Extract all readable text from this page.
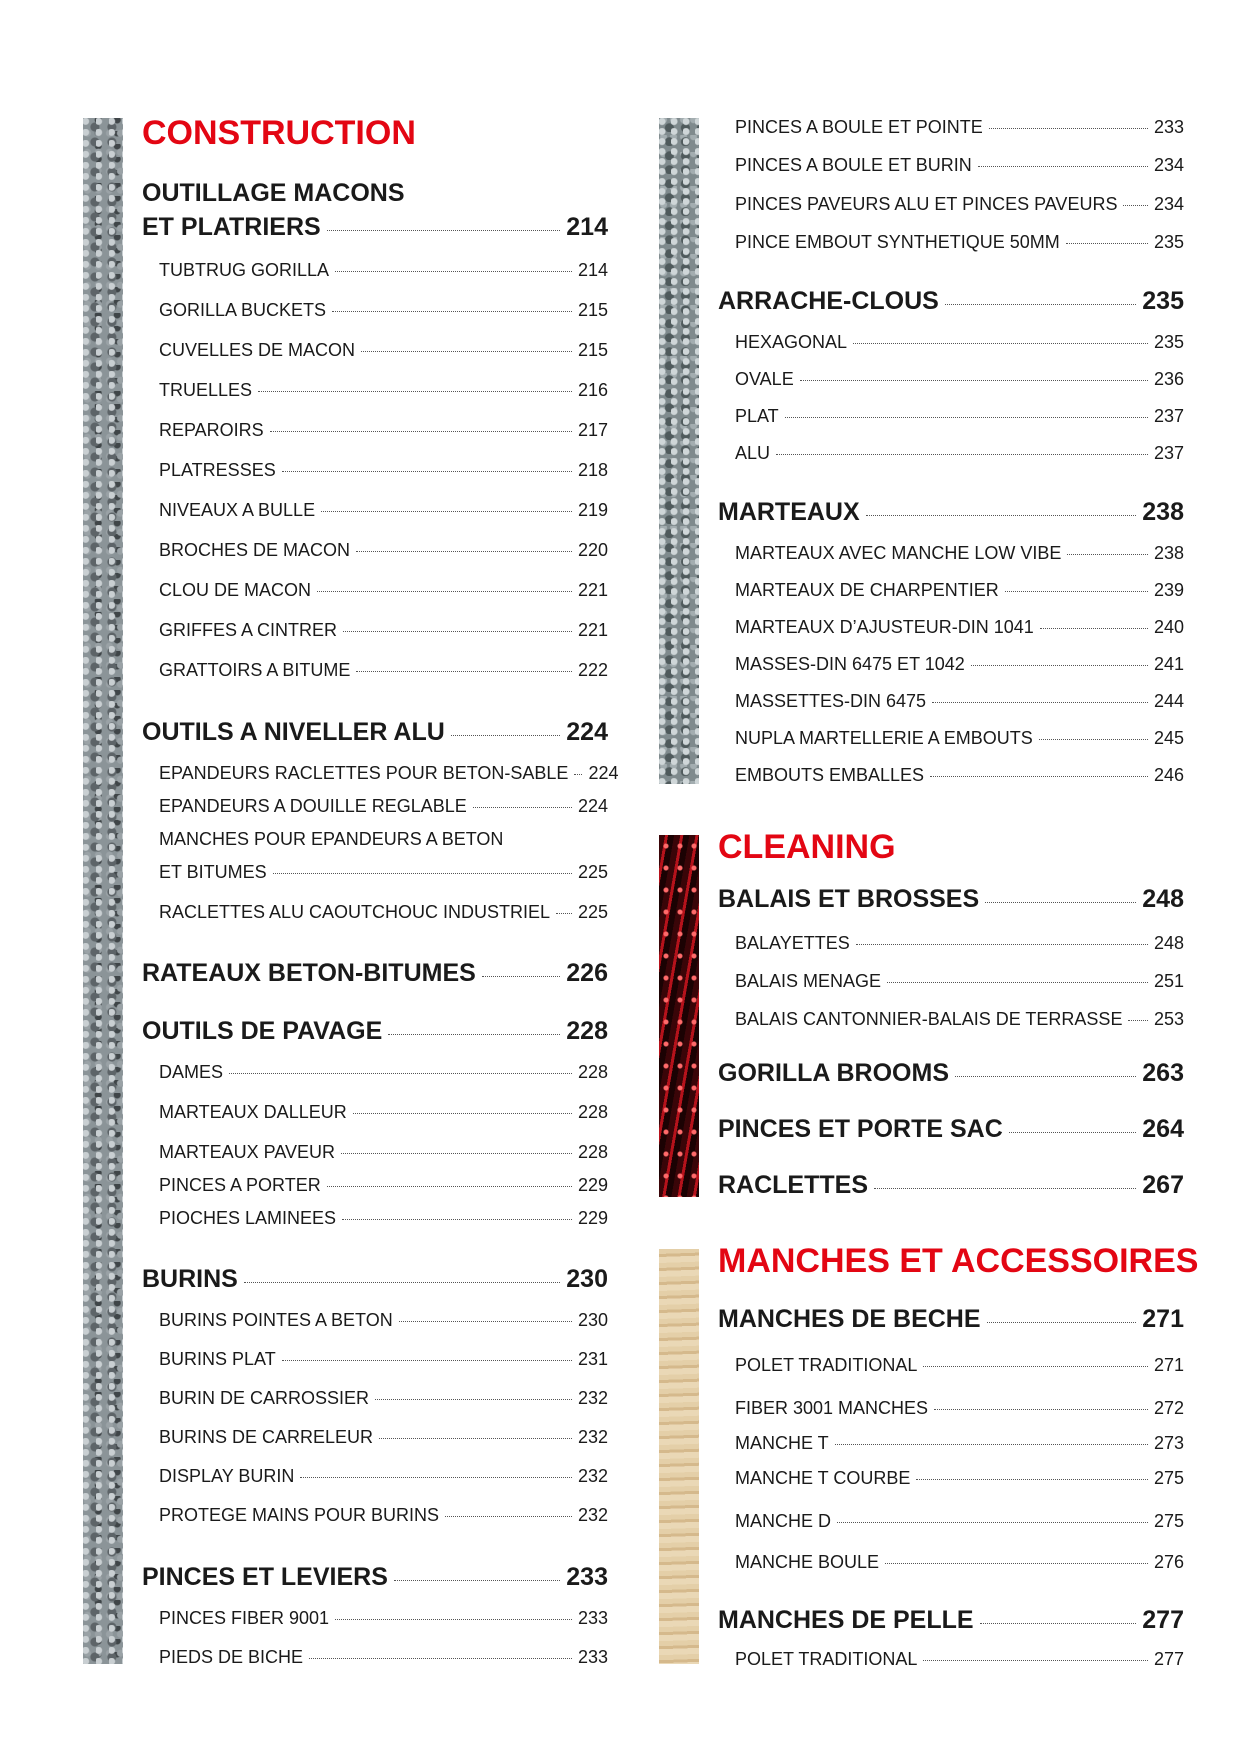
CONSTRUCTION
OUTILLAGE MACONS
ET PLATRIERS	214
TUBTRUG GORILLA	214
GORILLA BUCKETS	215
CUVELLES DE MACON	215
TRUELLES	216
REPAROIRS	217
PLATRESSES	218
NIVEAUX A BULLE	219
BROCHES DE MACON	220
CLOU DE MACON	221
GRIFFES A CINTRER	221
GRATTOIRS A BITUME	222
OUTILS A NIVELLER ALU	224
EPANDEURS RACLETTES POUR BETON-SABLE 224
EPANDEURS A DOUILLE REGLABLE	224
MANCHES POUR EPANDEURS A BETON
ET BITUMES	225
RACLETTES ALU CAOUTCHOUC INDUSTRIEL 225
RATEAUX BETON-BITUMES	226
OUTILS DE PAVAGE	228
DAMES	228
MARTEAUX DALLEUR	228
MARTEAUX PAVEUR	228
PINCES A PORTER	229
PIOCHES LAMINEES	229
BURINS	230
BURINS POINTES A BETON	230
BURINS PLAT	231
BURIN DE CARROSSIER	232
BURINS DE CARRELEUR	232
DISPLAY BURIN	232
PROTEGE MAINS POUR BURINS	232
PINCES ET LEVIERS	233
PINCES FIBER 9001	233
PIEDS DE BICHE	233
PINCES A BOULE ET POINTE	233
PINCES A BOULE ET BURIN	234
PINCES PAVEURS ALU ET PINCES PAVEURS 234
PINCE EMBOUT SYNTHETIQUE 50MM	235
ARRACHE-CLOUS	235
HEXAGONAL	235
OVALE	236
PLAT	237
ALU	237
MARTEAUX	238
MARTEAUX AVEC MANCHE LOW VIBE	238
MARTEAUX DE CHARPENTIER	239
MARTEAUX D’AJUSTEUR-DIN 1041	240
MASSES-DIN 6475 ET 1042	241
MASSETTES-DIN 6475	244
NUPLA MARTELLERIE A EMBOUTS	245
EMBOUTS EMBALLES	246
CLEANING
BALAIS ET BROSSES	248
BALAYETTES	248
BALAIS MENAGE	251
BALAIS CANTONNIER-BALAIS DE TERRASSE 253
GORILLA BROOMS	263
PINCES ET PORTE SAC	264
RACLETTES	267
MANCHES ET ACCESSOIRES
MANCHES DE BECHE	271
POLET TRADITIONAL	271
FIBER 3001 MANCHES	272
MANCHE T	273
MANCHE T COURBE	275
MANCHE D	275
MANCHE BOULE	276
MANCHES DE PELLE	277
POLET TRADITIONAL	277
